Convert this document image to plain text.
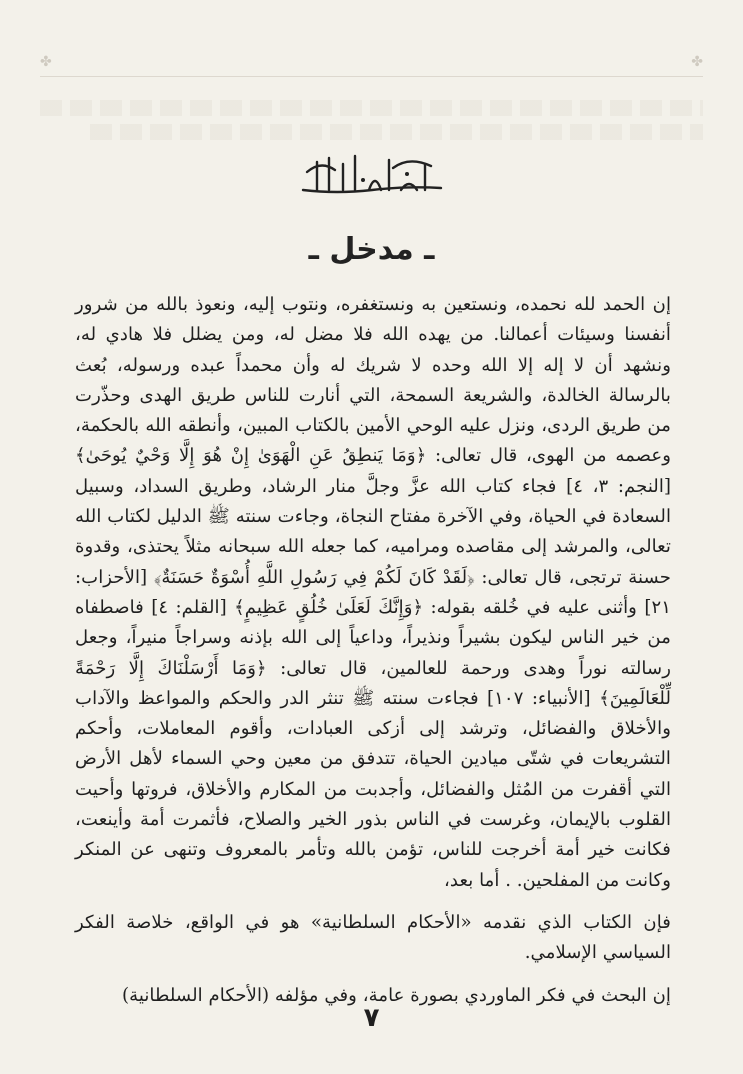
✤
✤
ـ مدخل ـ

إن الحمد لله نحمده، ونستعين به ونستغفره، ونتوب إليه، ونعوذ بالله من شرور أنفسنا وسيئات أعمالنا. من يهده الله فلا مضل له، ومن يضلل فلا هادي له، ونشهد أن لا إله إلا الله وحده لا شريك له وأن محمداً عبده ورسوله، بُعث بالرسالة الخالدة، والشريعة السمحة، التي أنارت للناس طريق الهدى وحذّرت من طريق الردى، ونزل عليه الوحي الأمين بالكتاب المبين، وأنطقه الله بالحكمة، وعصمه من الهوى، قال تعالى: ﴿وَمَا يَنطِقُ عَنِ الْهَوَىٰ إِنْ هُوَ إِلَّا وَحْيٌ يُوحَىٰ﴾ [النجم: ٣، ٤] فجاء كتاب الله عزَّ وجلَّ منار الرشاد، وطريق السداد، وسبيل السعادة في الحياة، وفي الآخرة مفتاح النجاة، وجاءت سنته ﷺ الدليل لكتاب الله تعالى، والمرشد إلى مقاصده ومراميه، كما جعله الله سبحانه مثلاً يحتذى، وقدوة حسنة ترتجى، قال تعالى: ﴿لَقَدْ كَانَ لَكُمْ فِي رَسُولِ اللَّهِ أُسْوَةٌ حَسَنَةٌ﴾ [الأحزاب: ٢١] وأثنى عليه في خُلقه بقوله: ﴿وَإِنَّكَ لَعَلَىٰ خُلُقٍ عَظِيمٍ﴾ [القلم: ٤] فاصطفاه من خير الناس ليكون بشيراً ونذيراً، وداعياً إلى الله بإذنه وسراجاً منيراً، وجعل رسالته نوراً وهدى ورحمة للعالمين، قال تعالى: ﴿وَمَا أَرْسَلْنَاكَ إِلَّا رَحْمَةً لِّلْعَالَمِينَ﴾ [الأنبياء: ١٠٧] فجاءت سنته ﷺ تنثر الدر والحكم والمواعظ والآداب والأخلاق والفضائل، وترشد إلى أزكى العبادات، وأقوم المعاملات، وأحكم التشريعات في شتّى ميادين الحياة، تتدفق من معين وحي السماء لأهل الأرض التي أقفرت من المُثل والفضائل، وأجدبت من المكارم والأخلاق، فروتها وأحيت القلوب بالإيمان، وغرست في الناس بذور الخير والصلاح، فأثمرت أمة وأينعت، فكانت خير أمة أخرجت للناس، تؤمن بالله وتأمر بالمعروف وتنهى عن المنكر وكانت من المفلحين. . أما بعد،

فإن الكتاب الذي نقدمه «الأحكام السلطانية» هو في الواقع، خلاصة الفكر السياسي الإسلامي.

إن البحث في فكر الماوردي بصورة عامة، وفي مؤلفه (الأحكام السلطانية)

٧
